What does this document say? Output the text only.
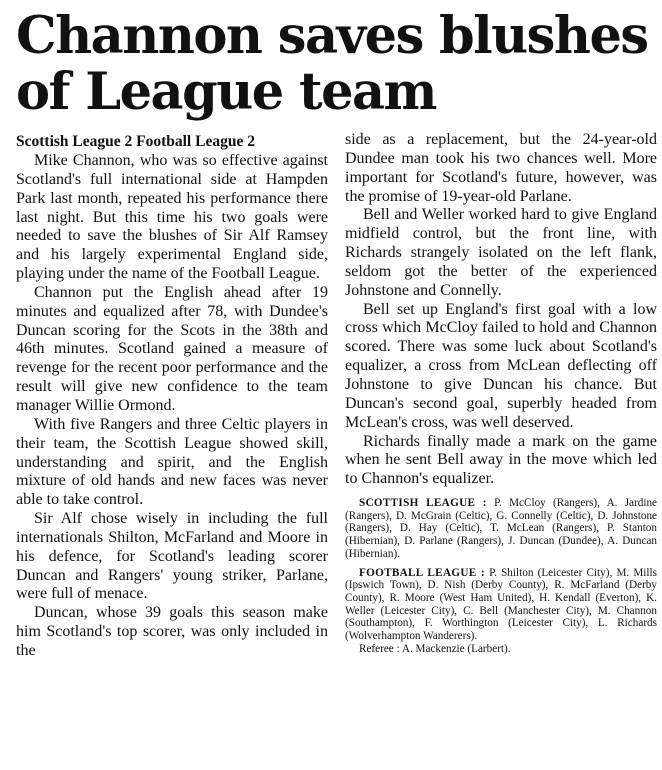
Channon saves blushes
of League team
Scottish League 2 Football League 2

Mike Channon, who was so effective against Scotland's full international side at Hampden Park last month, repeated his performance there last night. But this time his two goals were needed to save the blushes of Sir Alf Ramsey and his largely experimental England side, playing under the name of the Football League.

Channon put the English ahead after 19 minutes and equalized after 78, with Dundee's Duncan scoring for the Scots in the 38th and 46th minutes. Scotland gained a measure of revenge for the recent poor performance and the result will give new confidence to the team manager Willie Ormond.

With five Rangers and three Celtic players in their team, the Scottish League showed skill, understanding and spirit, and the English mixture of old hands and new faces was never able to take control.

Sir Alf chose wisely in including the full internationals Shilton, McFarland and Moore in his defence, for Scotland's leading scorer Duncan and Rangers' young striker, Parlane, were full of menace.

Duncan, whose 39 goals this season make him Scotland's top scorer, was only included in the

side as a replacement, but the 24-year-old Dundee man took his two chances well. More important for Scotland's future, however, was the promise of 19-year-old Parlane.

Bell and Weller worked hard to give England midfield control, but the front line, with Richards strangely isolated on the left flank, seldom got the better of the experienced Johnstone and Connelly.

Bell set up England's first goal with a low cross which McCloy failed to hold and Channon scored. There was some luck about Scotland's equalizer, a cross from McLean deflecting off Johnstone to give Duncan his chance. But Duncan's second goal, superbly headed from McLean's cross, was well deserved.

Richards finally made a mark on the game when he sent Bell away in the move which led to Channon's equalizer.

SCOTTISH LEAGUE : P. McCloy (Rangers), A. Jardine (Rangers), D. McGrain (Celtic), G. Connelly (Celtic), D. Johnstone (Rangers), D. Hay (Celtic), T. McLean (Rangers), P. Stanton (Hibernian), D. Parlane (Rangers), J. Duncan (Dundee), A. Duncan (Hibernian).

FOOTBALL LEAGUE : P. Shilton (Leicester City), M. Mills (Ipswich Town), D. Nish (Derby County), R. McFarland (Derby County), R. Moore (West Ham United), H. Kendall (Everton), K. Weller (Leicester City), C. Bell (Manchester City), M. Channon (Southampton), F. Worthington (Leicester City), L. Richards (Wolverhampton Wanderers).

Referee : A. Mackenzie (Larbert).
